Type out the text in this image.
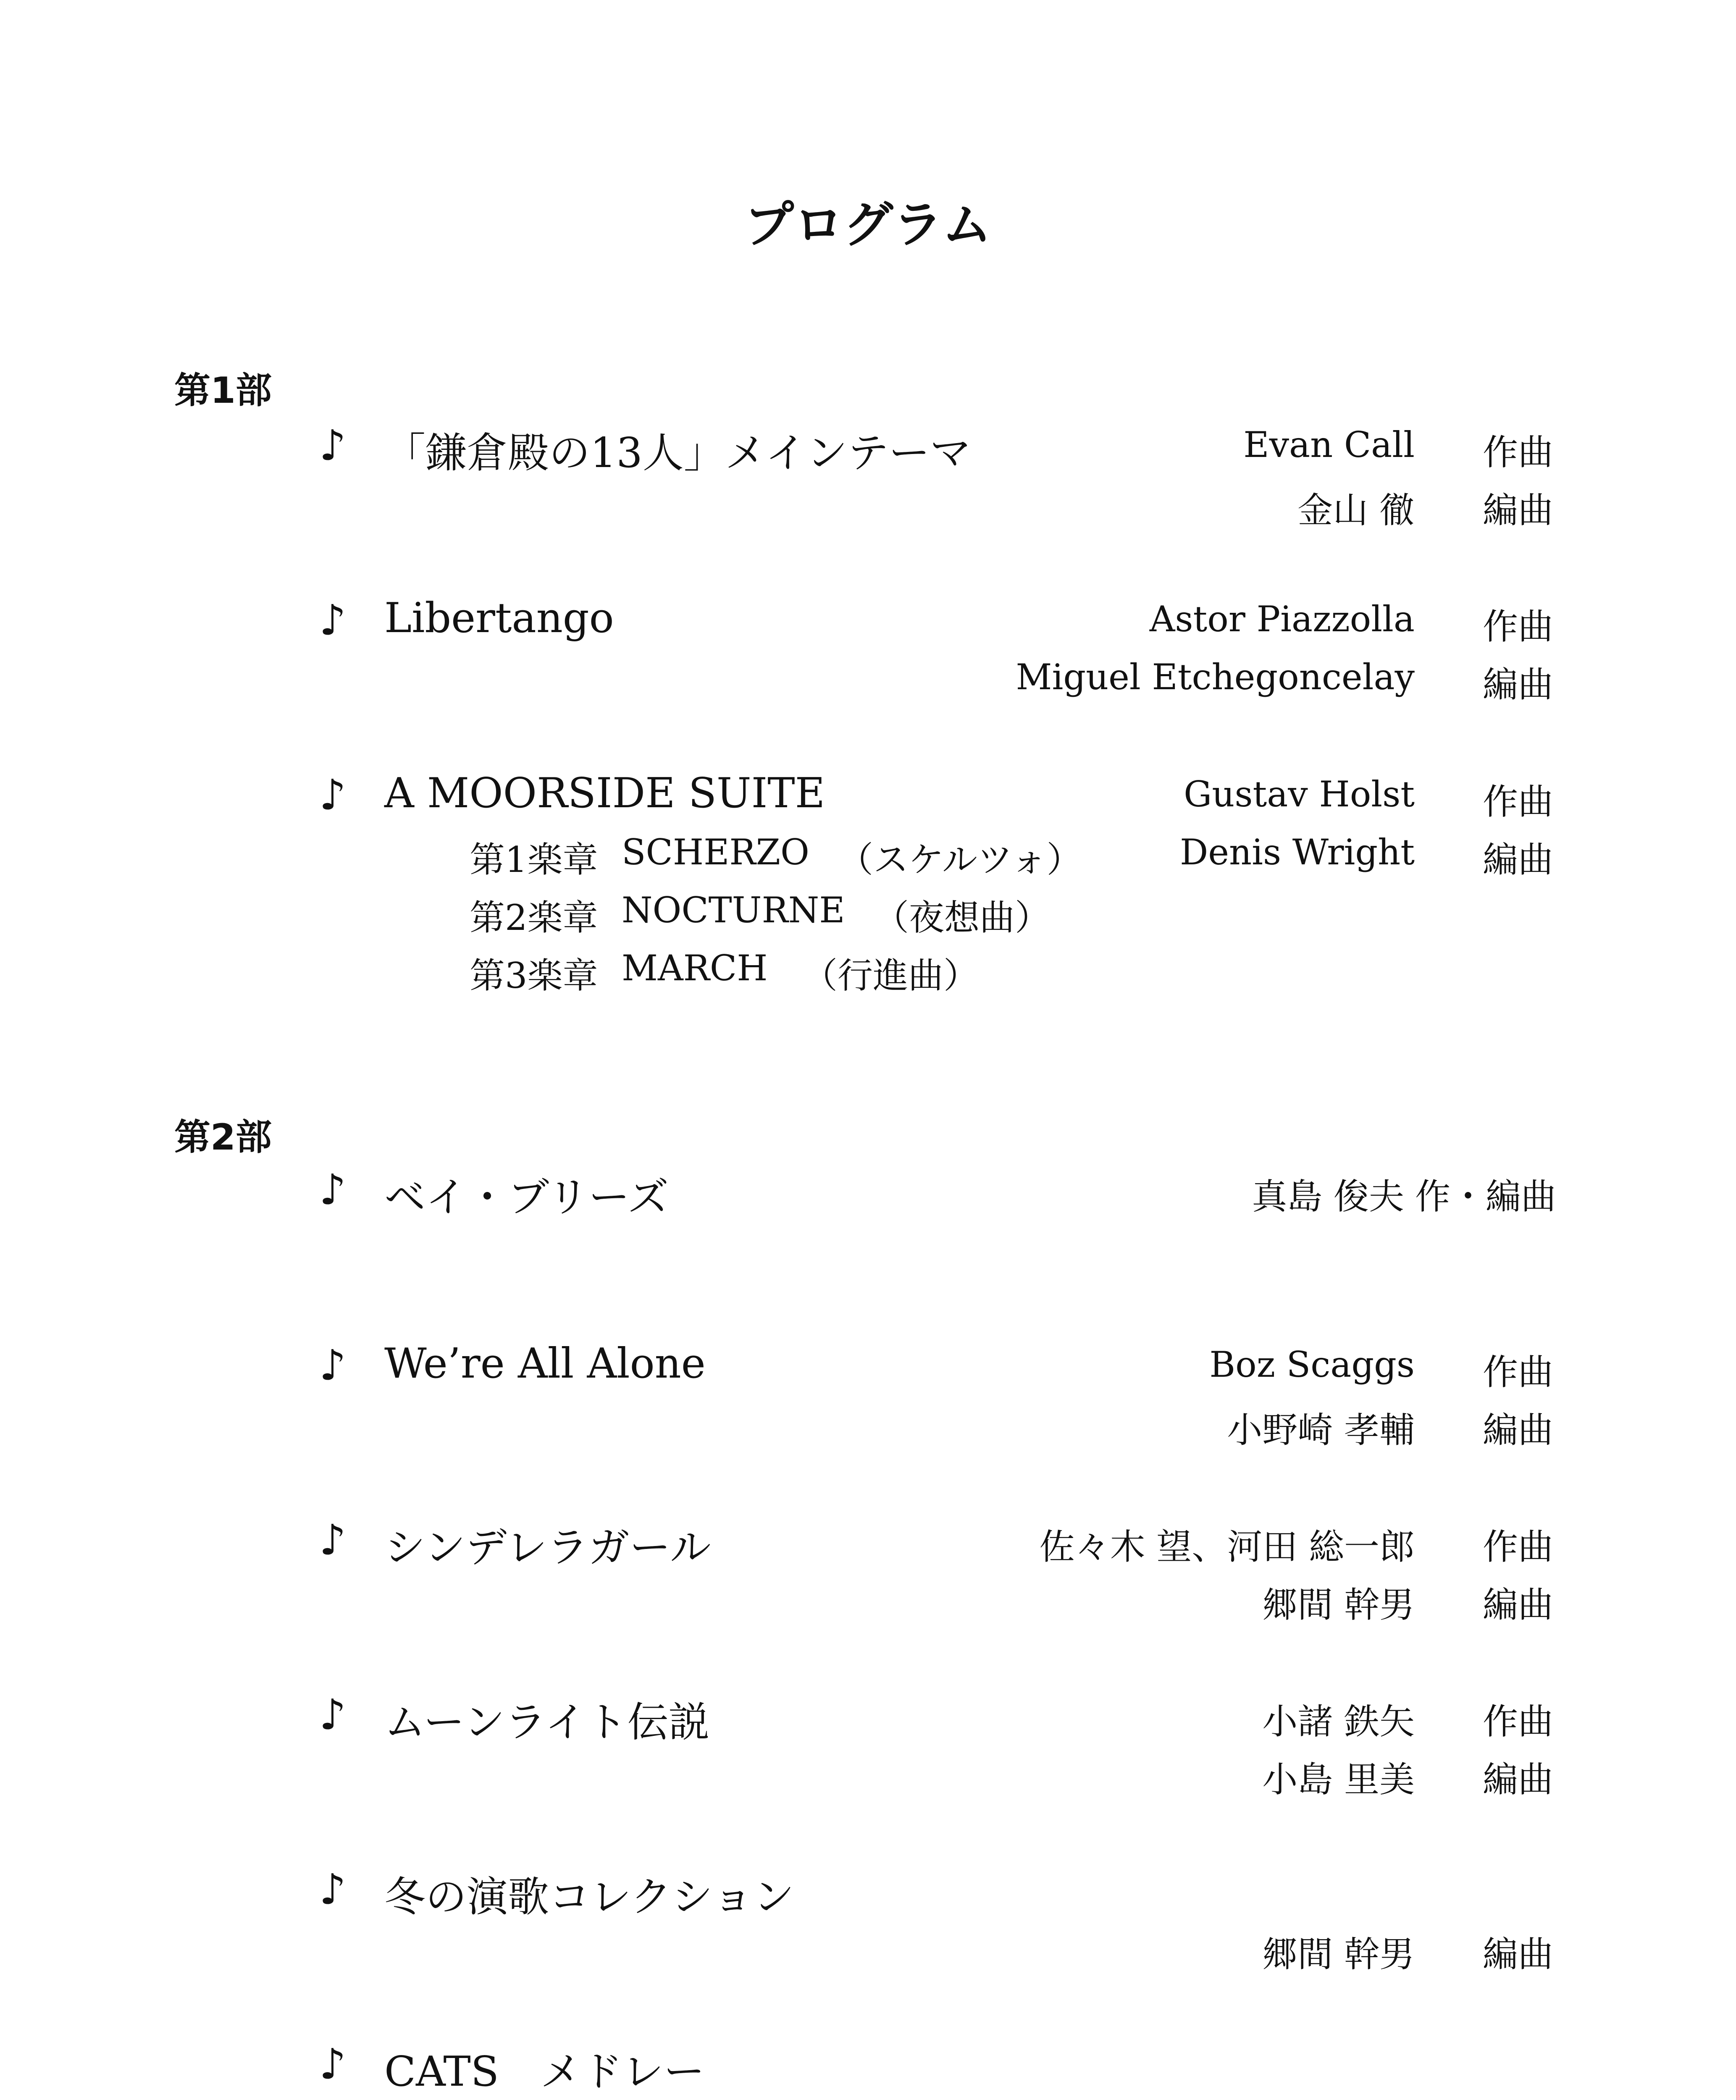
プログラム
第1部
♪ 「鎌倉殿の13人」メインテーマ	Evan Call 作曲
金山 徹 編曲
♪ Libertango	Astor Piazzolla 作曲
Miguel Etchegoncelay 編曲
♪ A MOORSIDE SUITE	Gustav Holst 作曲
Denis Wright 編曲
第1楽章 SCHERZO （スケルツォ）
第2楽章 NOCTURNE （夜想曲）
第3楽章 MARCH （行進曲）
第2部
♪ ベイ・ブリーズ	真島 俊夫 作・編曲
♪ We’re All Alone	Boz Scaggs 作曲
小野崎 孝輔 編曲
♪ シンデレラガール	佐々木 望、河田 総一郎 作曲
郷間 幹男 編曲
♪ ムーンライト伝説	小諸 鉄矢 作曲
小島 里美 編曲
♪ 冬の演歌コレクション
郷間 幹男 編曲
♪ CATS　メドレー
